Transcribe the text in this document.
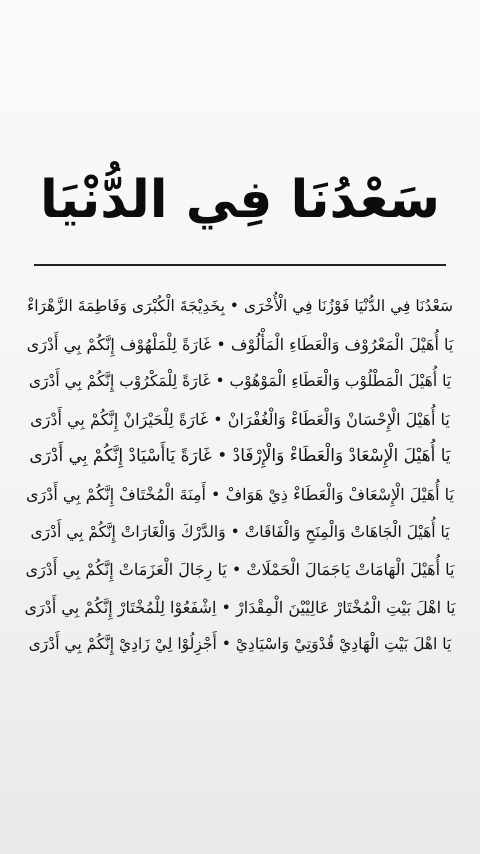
سَعْدُنَا فِي الدُّنْيَا
سَعْدُنَا فِي الدُّنْيَا فَوْزُنَا فِي الْأُخْرَى • بِخَدِيْجَةَ الْكُبْرَى وَفَاطِمَةَ الزَّهْرَاءْ
يَا أُهَيْلَ الْمَعْرُوْف وَالْعَطَاءِ الْمَأْلُوْف • غَارَةً لِلْمَلْهُوْف إِنَّكُمْ بِي أَدْرَى
يَا أُهَيْلَ الْمَطْلُوْب وَالْعَطَاءِ الْمَوْهُوْب • غَارَةً لِلْمَكْرُوْب إِنَّكُمْ بِي أَدْرَى
يَا أُهَيْلَ الْإِحْسَانْ وَالْعَطَاءْ وَالْغُفْرَانْ • غَارَةً لِلْحَيْرَانْ إِنَّكُمْ بِي أَدْرَى
يَا أُهَيْلَ الْإِسْعَادْ وَالْعَطَاءْ وَالْإِرْفَادْ • غَارَةً يَاأَسْيَادْ إِنَّكُمْ بِي أَدْرَى
يَا أُهَيْلَ الْإِسْعَافْ وَالْعَطَاءْ ذِيْ هَوَافْ • أَمِنَةَ الْمُخْتَافْ إِنَّكُمْ بِي أَدْرَى
يَا أُهَيْلَ الْجَاهَاتْ وَالْمِنَحِ وَالْفَاقَاتْ • وَالدَّرْكَ وَالْغَارَاتْ إِنَّكُمْ بِي أَدْرَى
يَا أُهَيْلَ الْهَامَاتْ يَاجَمَالَ الْحَمْلَاتْ • يَا رِجَالَ الْعَزَمَاتْ إِنَّكُمْ بِي أَدْرَى
يَا اهْلَ بَيْتِ الْمُخْتَارْ عَالِيْيْنَ الْمِقْدَارْ • اِشْفَعُوْا لِلْمُخْتَارْ إِنَّكُمْ بِي أَدْرَى
يَا اهْلَ بَيْتِ الْهَادِيْ قُدْوَتِيْ وَاسْيَادِيْ • أَجْزِلُوْا لِيْ زَادِيْ إِنَّكُمْ بِي أَدْرَى
